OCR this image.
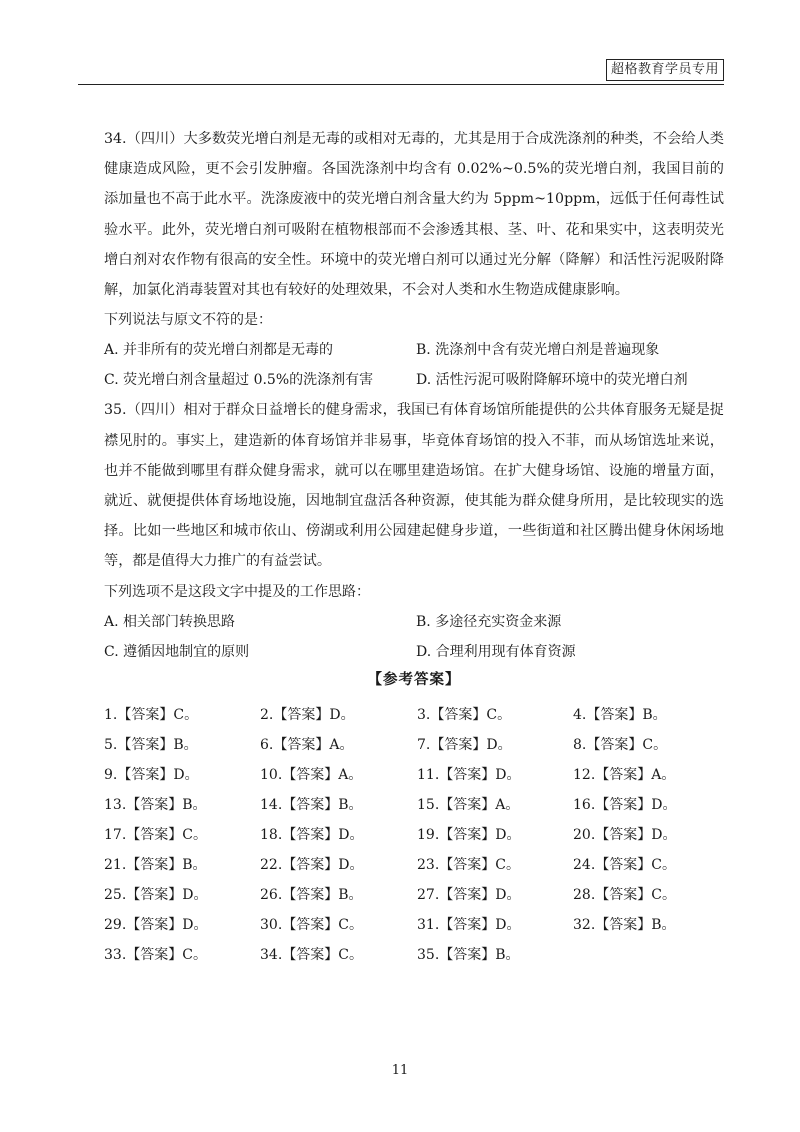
超格教育学员专用

34.（四川）大多数荧光增白剂是无毒的或相对无毒的，尤其是用于合成洗涤剂的种类，不会给人类健康造成风险，更不会引发肿瘤。各国洗涤剂中均含有 0.02%~0.5%的荧光增白剂，我国目前的添加量也不高于此水平。洗涤废液中的荧光增白剂含量大约为 5ppm~10ppm，远低于任何毒性试验水平。此外，荧光增白剂可吸附在植物根部而不会渗透其根、茎、叶、花和果实中，这表明荧光增白剂对农作物有很高的安全性。环境中的荧光增白剂可以通过光分解（降解）和活性污泥吸附降解，加氯化消毒装置对其也有较好的处理效果，不会对人类和水生物造成健康影响。

下列说法与原文不符的是：

A. 并非所有的荧光增白剂都是无毒的	B. 洗涤剂中含有荧光增白剂是普遍现象
C. 荧光增白剂含量超过 0.5%的洗涤剂有害	D. 活性污泥可吸附降解环境中的荧光增白剂

35.（四川）相对于群众日益增长的健身需求，我国已有体育场馆所能提供的公共体育服务无疑是捉襟见肘的。事实上，建造新的体育场馆并非易事，毕竟体育场馆的投入不菲，而从场馆选址来说，也并不能做到哪里有群众健身需求，就可以在哪里建造场馆。在扩大健身场馆、设施的增量方面，就近、就便提供体育场地设施，因地制宜盘活各种资源，使其能为群众健身所用，是比较现实的选择。比如一些地区和城市依山、傍湖或利用公园建起健身步道，一些街道和社区腾出健身休闲场地等，都是值得大力推广的有益尝试。

下列选项不是这段文字中提及的工作思路：

A. 相关部门转换思路	B. 多途径充实资金来源
C. 遵循因地制宜的原则	D. 合理利用现有体育资源
【参考答案】
1.【答案】C。	2.【答案】D。	3.【答案】C。	4.【答案】B。
5.【答案】B。	6.【答案】A。	7.【答案】D。	8.【答案】C。
9.【答案】D。	10.【答案】A。	11.【答案】D。	12.【答案】A。
13.【答案】B。	14.【答案】B。	15.【答案】A。	16.【答案】D。
17.【答案】C。	18.【答案】D。	19.【答案】D。	20.【答案】D。
21.【答案】B。	22.【答案】D。	23.【答案】C。	24.【答案】C。
25.【答案】D。	26.【答案】B。	27.【答案】D。	28.【答案】C。
29.【答案】D。	30.【答案】C。	31.【答案】D。	32.【答案】B。
33.【答案】C。	34.【答案】C。	35.【答案】B。
11
